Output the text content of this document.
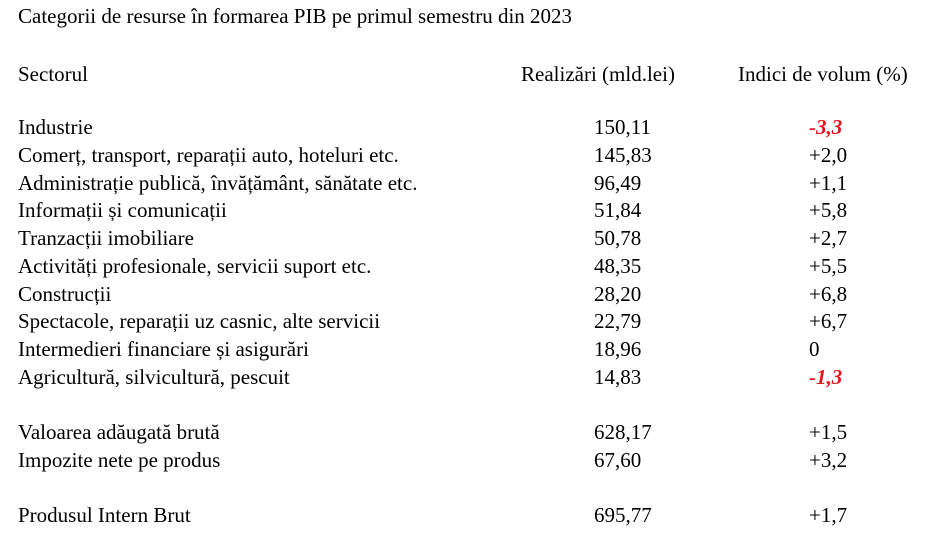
Categorii de resurse în formarea PIB pe primul semestru din 2023
Sectorul	Realizări (mld.lei)	Indici de volum (%)
Industrie	150,11	-3,3
Comerț, transport, reparații auto, hoteluri etc.	145,83	+2,0
Administrație publică, învățământ, sănătate etc.	96,49	+1,1
Informații și comunicații	51,84	+5,8
Tranzacții imobiliare	50,78	+2,7
Activități profesionale, servicii suport etc.	48,35	+5,5
Construcții	28,20	+6,8
Spectacole, reparații uz casnic, alte servicii	22,79	+6,7
Intermedieri financiare și asigurări	18,96	0
Agricultură, silvicultură, pescuit	14,83	-1,3
Valoarea adăugată brută	628,17	+1,5
Impozite nete pe produs	67,60	+3,2
Produsul Intern Brut	695,77	+1,7
